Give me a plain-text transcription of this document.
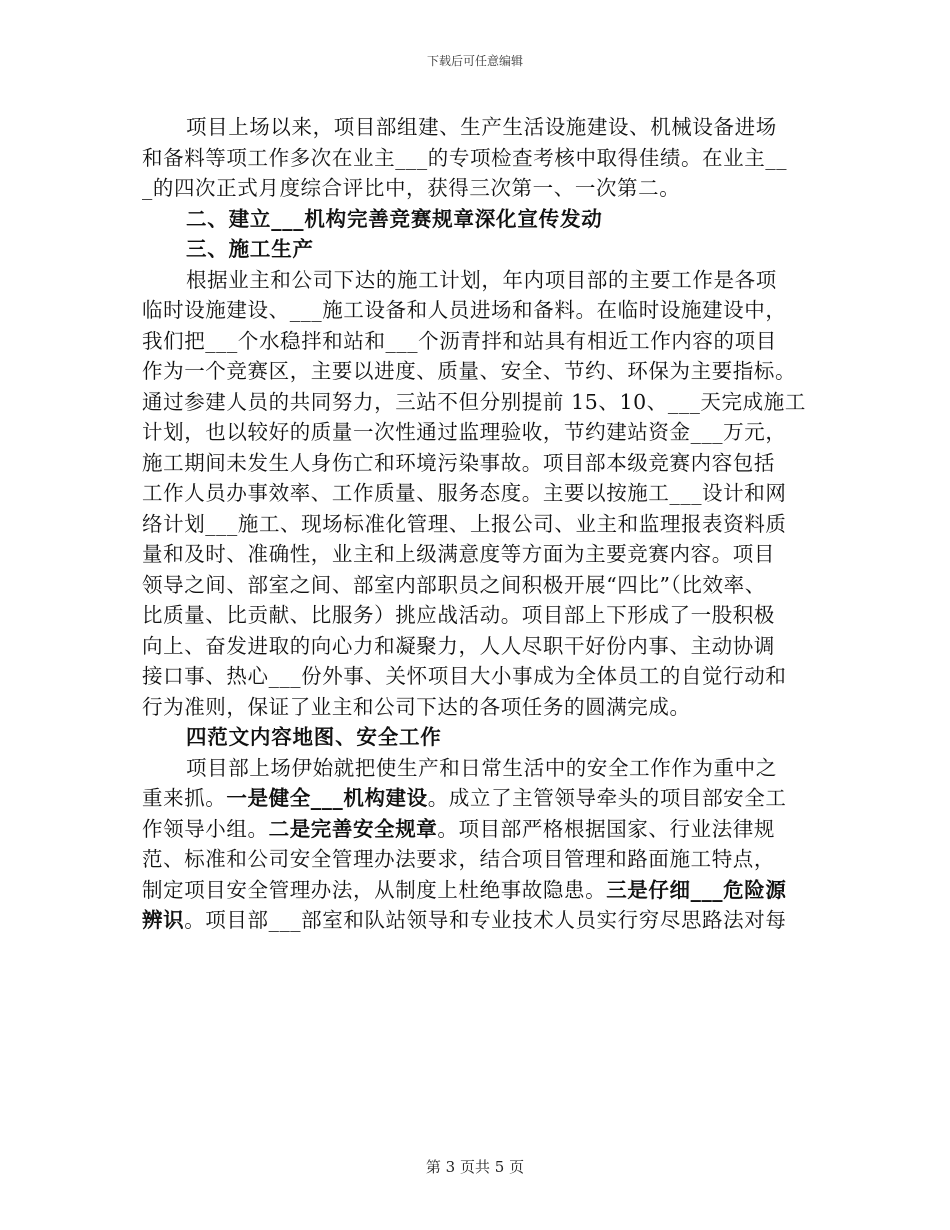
下载后可任意编辑
项目上场以来，项目部组建、生产生活设施建设、机械设备进场
和备料等项工作多次在业主___的专项检查考核中取得佳绩。在业主__
_的四次正式月度综合评比中，获得三次第一、一次第二。
二、建立___机构完善竞赛规章深化宣传发动
三、施工生产
根据业主和公司下达的施工计划，年内项目部的主要工作是各项
临时设施建设、___施工设备和人员进场和备料。在临时设施建设中，
我们把___个水稳拌和站和___个沥青拌和站具有相近工作内容的项目
作为一个竞赛区，主要以进度、质量、安全、节约、环保为主要指标。
通过参建人员的共同努力，三站不但分别提前 15、10、___天完成施工
计划，也以较好的质量一次性通过监理验收，节约建站资金___万元，
施工期间未发生人身伤亡和环境污染事故。项目部本级竞赛内容包括
工作人员办事效率、工作质量、服务态度。主要以按施工___设计和网
络计划___施工、现场标准化管理、上报公司、业主和监理报表资料质
量和及时、准确性，业主和上级满意度等方面为主要竞赛内容。项目
领导之间、部室之间、部室内部职员之间积极开展“四比”（比效率、
比质量、比贡献、比服务）挑应战活动。项目部上下形成了一股积极
向上、奋发进取的向心力和凝聚力，人人尽职干好份内事、主动协调
接口事、热心___份外事、关怀项目大小事成为全体员工的自觉行动和
行为准则，保证了业主和公司下达的各项任务的圆满完成。
四范文内容地图、安全工作
项目部上场伊始就把使生产和日常生活中的安全工作作为重中之
重来抓。一是健全___机构建设。成立了主管领导牵头的项目部安全工
作领导小组。二是完善安全规章。项目部严格根据国家、行业法律规
范、标准和公司安全管理办法要求，结合项目管理和路面施工特点，
制定项目安全管理办法，从制度上杜绝事故隐患。三是仔细___危险源
辨识。项目部___部室和队站领导和专业技术人员实行穷尽思路法对每
第 3 页共 5 页
